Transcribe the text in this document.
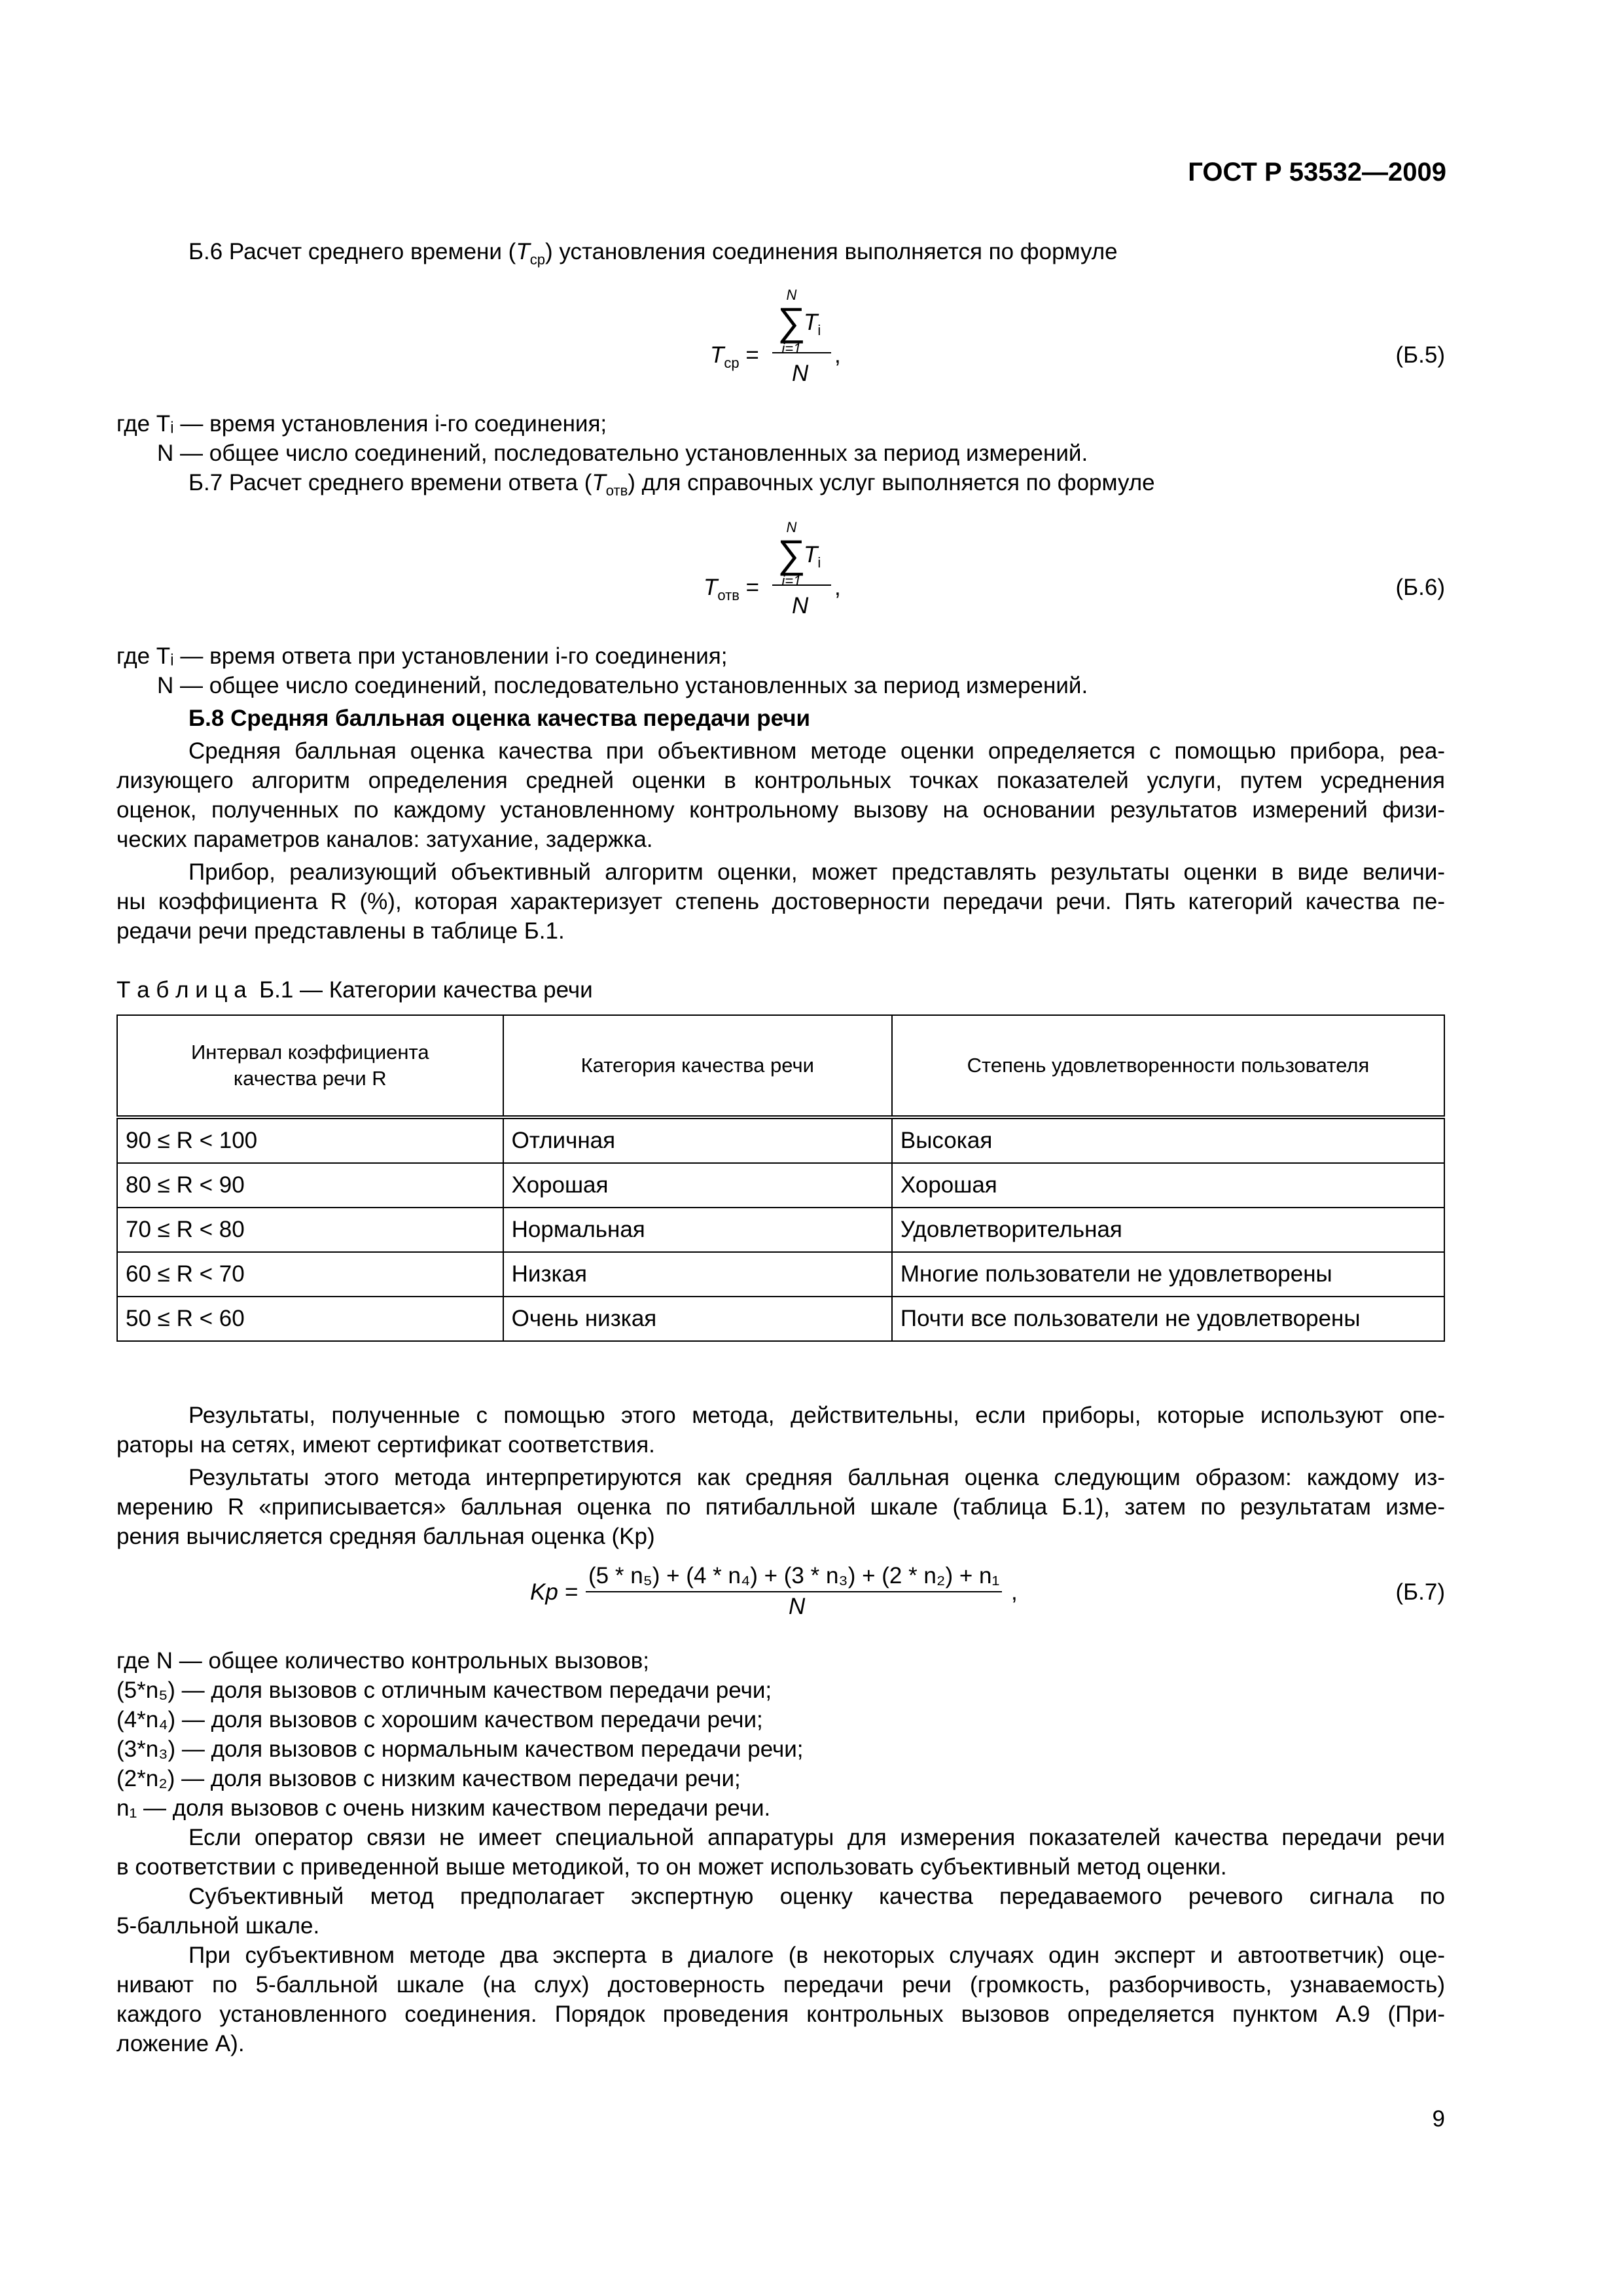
ГОСТ Р 53532—2009
Б.6 Расчет среднего времени $(T_{ср})$ установления соединения выполняется по формуле
$T_{ср}$ =
N
∑
i=1
$T_i$
N
,	(Б.5)
где Tᵢ — время установления i-го соединения;
N — общее число соединений, последовательно установленных за период измерений.
Б.7 Расчет среднего времени ответа $(T_{отв})$ для справочных услуг выполняется по формуле
$T_{отв}$ =
N
∑
i=1
$T_i$
N
,	(Б.6)
где Tᵢ — время ответа при установлении i-го соединения;
N — общее число соединений, последовательно установленных за период измерений.
Б.8 Средняя балльная оценка качества передачи речи
Средняя балльная оценка качества при объективном методе оценки определяется с помощью прибора, реа-
лизующего алгоритм определения средней оценки в контрольных точках показателей услуги, путем усреднения
оценок, полученных по каждому установленному контрольному вызову на основании результатов измерений физи-
ческих параметров каналов: затухание, задержка.
Прибор, реализующий объективный алгоритм оценки, может представлять результаты оценки в виде величи-
ны коэффициента R (%), которая характеризует степень достоверности передачи речи. Пять категорий качества пе-
редачи речи представлены в таблице Б.1.
Т а б л и ц а  Б.1 — Категории качества речи
Интервал коэффициента качества речи R	Категория качества речи	Степень удовлетворенности пользователя
90 ≤ R < 100	Отличная	Высокая
80 ≤ R < 90	Хорошая	Хорошая
70 ≤ R < 80	Нормальная	Удовлетворительная
60 ≤ R < 70	Низкая	Многие пользователи не удовлетворены
50 ≤ R < 60	Очень низкая	Почти все пользователи не удовлетворены
Результаты, полученные с помощью этого метода, действительны, если приборы, которые используют опе-
раторы на сетях, имеют сертификат соответствия.
Результаты этого метода интерпретируются как средняя балльная оценка следующим образом: каждому из-
мерению R «приписывается» балльная оценка по пятибалльной шкале (таблица Б.1), затем по результатам изме-
рения вычисляется средняя балльная оценка (Kp)
Kp =
(5 * n₅) + (4 * n₄) + (3 * n₃) + (2 * n₂) + n₁
N
,	(Б.7)
где N — общее количество контрольных вызовов;
(5*n₅) — доля вызовов с отличным качеством передачи речи;
(4*n₄) — доля вызовов с хорошим качеством передачи речи;
(3*n₃) — доля вызовов с нормальным качеством передачи речи;
(2*n₂) — доля вызовов с низким качеством передачи речи;
n₁ — доля вызовов с очень низким качеством передачи речи.
Если оператор связи не имеет специальной аппаратуры для измерения показателей качества передачи речи
в соответствии с приведенной выше методикой, то он может использовать субъективный метод оценки.
Субъективный метод предполагает экспертную оценку качества передаваемого речевого сигнала по
5-балльной шкале.
При субъективном методе два эксперта в диалоге (в некоторых случаях один эксперт и автоответчик) оце-
нивают по 5-балльной шкале (на слух) достоверность передачи речи (громкость, разборчивость, узнаваемость)
каждого установленного соединения. Порядок проведения контрольных вызовов определяется пунктом А.9 (При-
ложение А).
9
